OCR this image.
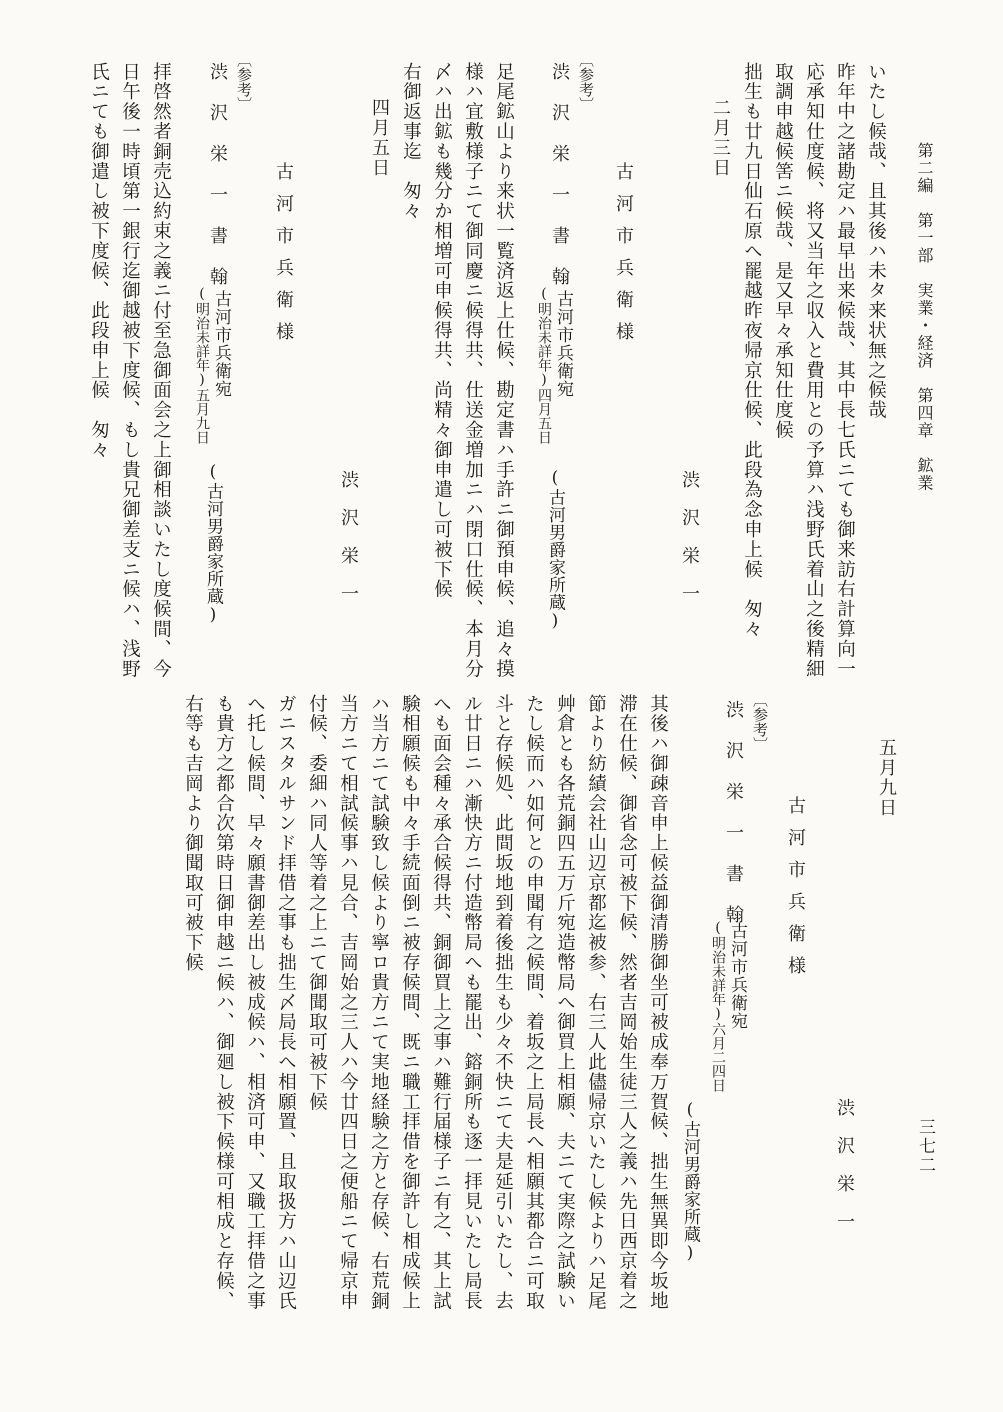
第二編　第一部　実業・経済　第四章　鉱業
三七二
いたし候哉、且其後ハ未タ来状無之候哉
昨年中之諸勘定ハ最早出来候哉、其中長七氏ニても御来訪右計算向一
応承知仕度候、将又当年之収入と費用との予算ハ浅野氏着山之後精細
取調申越候筈ニ候哉、是又早々承知仕度候
拙生も廿九日仙石原へ罷越昨夜帰京仕候、此段為念申上候　匆々
二月三日
渋沢栄一
古河市兵衛様
〔参考〕
渋沢栄一書翰
古河市兵衛宛
(明治未詳年)四月五日
(古河男爵家所蔵)
足尾鉱山より来状一覧済返上仕候、勘定書ハ手許ニ御預申候、追々摸
様ハ宜敷様子ニて御同慶ニ候得共、仕送金増加ニハ閉口仕候、本月分
〆ハ出鉱も幾分か相増可申候得共、尚精々御申遣し可被下候
右御返事迄　匆々
四月五日
渋沢栄一
古河市兵衛様
〔参考〕
渋沢栄一書翰
古河市兵衛宛
(明治未詳年)五月九日
(古河男爵家所蔵)
拝啓然者銅売込約束之義ニ付至急御面会之上御相談いたし度候間、今
日午後一時頃第一銀行迄御越被下度候、もし貴兄御差支ニ候ハ、浅野
氏ニても御遣し被下度候、此段申上候　匆々
五月九日
渋沢栄一
古河市兵衛様
〔参考〕
渋沢栄一書翰
古河市兵衛宛
(明治未詳年)六月二四日
(古河男爵家所蔵)
其後ハ御疎音申上候益御清勝御坐可被成奉万賀候、拙生無異即今坂地
滞在仕候、御省念可被下候、然者吉岡始生徒三人之義ハ先日西京着之
節より紡績会社山辺京都迄被参、右三人此儘帰京いたし候よりハ足尾
艸倉とも各荒銅四五万斤宛造幣局へ御買上相願、夫ニて実際之試験い
たし候而ハ如何との申聞有之候間、着坂之上局長へ相願其都合ニ可取
斗と存候処、此間坂地到着後拙生も少々不快ニて夫是延引いたし、去
ル廿日ニハ漸快方ニ付造幣局へも罷出、鎔銅所も逐一拝見いたし局長
へも面会種々承合候得共、銅御買上之事ハ難行届様子ニ有之、其上試
験相願候も中々手続面倒ニ被存候間、既ニ職工拝借を御許し相成候上
ハ当方ニて試験致し候より寧ロ貴方ニて実地経験之方と存候、右荒銅
当方ニて相試候事ハ見合、吉岡始之三人ハ今廿四日之便船ニて帰京申
付候、委細ハ同人等着之上ニて御聞取可被下候
ガニスタルサンド拝借之事も拙生〆局長へ相願置、且取扱方ハ山辺氏
へ托し候間、早々願書御差出し被成候ハ、相済可申、又職工拝借之事
も貴方之都合次第時日御申越ニ候ハ、御廻し被下候様可相成と存候、
右等も吉岡より御聞取可被下候
